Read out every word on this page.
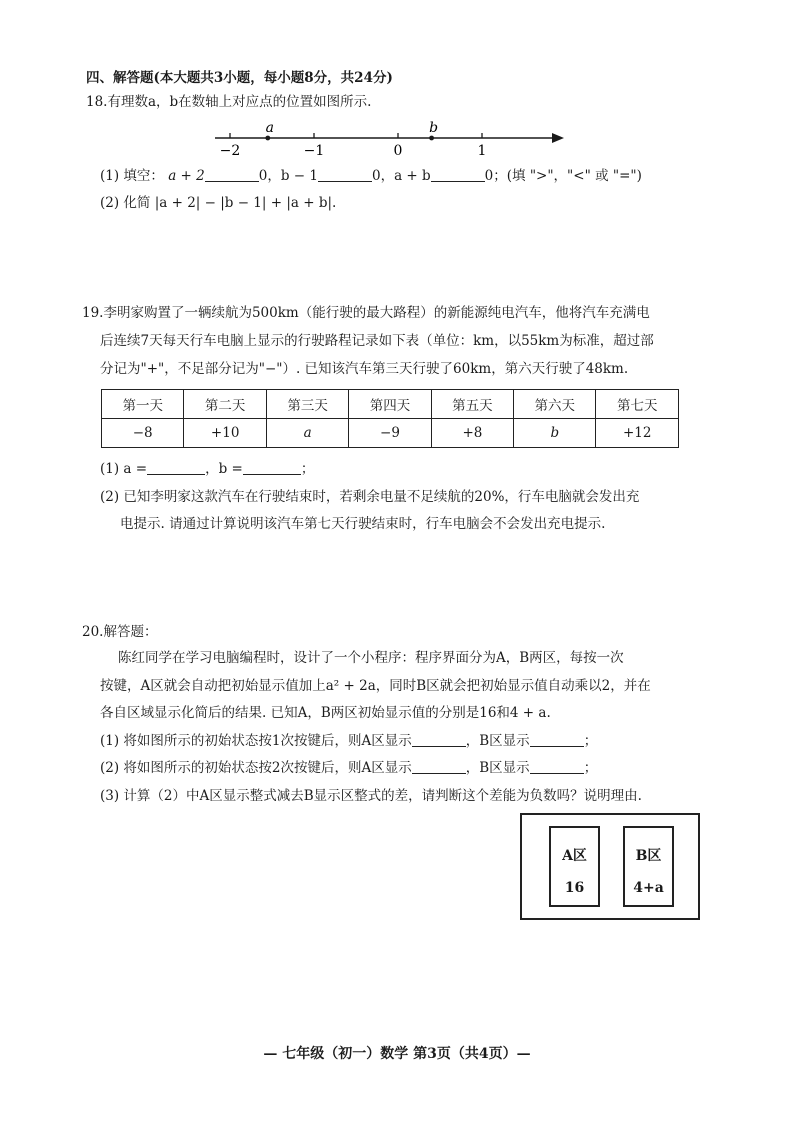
四、解答题(本大题共3小题，每小题8分，共24分)
18.有理数a，b在数轴上对应点的位置如图所示.
−2	−1	0	1
a	b
(1) 填空： a + 2	0，b − 1	0，a + b	0；(填 ">"，"<" 或 "=")
(2) 化简 |a + 2| − |b − 1| + |a + b|.
19.李明家购置了一辆续航为500km（能行驶的最大路程）的新能源纯电汽车，他将汽车充满电
后连续7天每天行车电脑上显示的行驶路程记录如下表（单位：km，以55km为标准，超过部
分记为"+"，不足部分记为"−"）. 已知该汽车第三天行驶了60km，第六天行驶了48km.
第一天	第二天	第三天	第四天	第五天	第六天	第七天
−8	+10	a	−9	+8	b	+12
(1) a =	，b =	；
(2) 已知李明家这款汽车在行驶结束时，若剩余电量不足续航的20%，行车电脑就会发出充
电提示. 请通过计算说明该汽车第七天行驶结束时，行车电脑会不会发出充电提示.
20.解答题：
陈红同学在学习电脑编程时，设计了一个小程序：程序界面分为A，B两区，每按一次
按键，A区就会自动把初始显示值加上a² + 2a，同时B区就会把初始显示值自动乘以2，并在
各自区域显示化简后的结果. 已知A，B两区初始显示值的分别是16和4 + a.
(1) 将如图所示的初始状态按1次按键后，则A区显示	，B区显示	；
(2) 将如图所示的初始状态按2次按键后，则A区显示	，B区显示	；
(3) 计算（2）中A区显示整式减去B显示区整式的差，请判断这个差能为负数吗？说明理由.
A区
16
B区
4+a
— 七年级（初一）数学 第3页（共4页）—
